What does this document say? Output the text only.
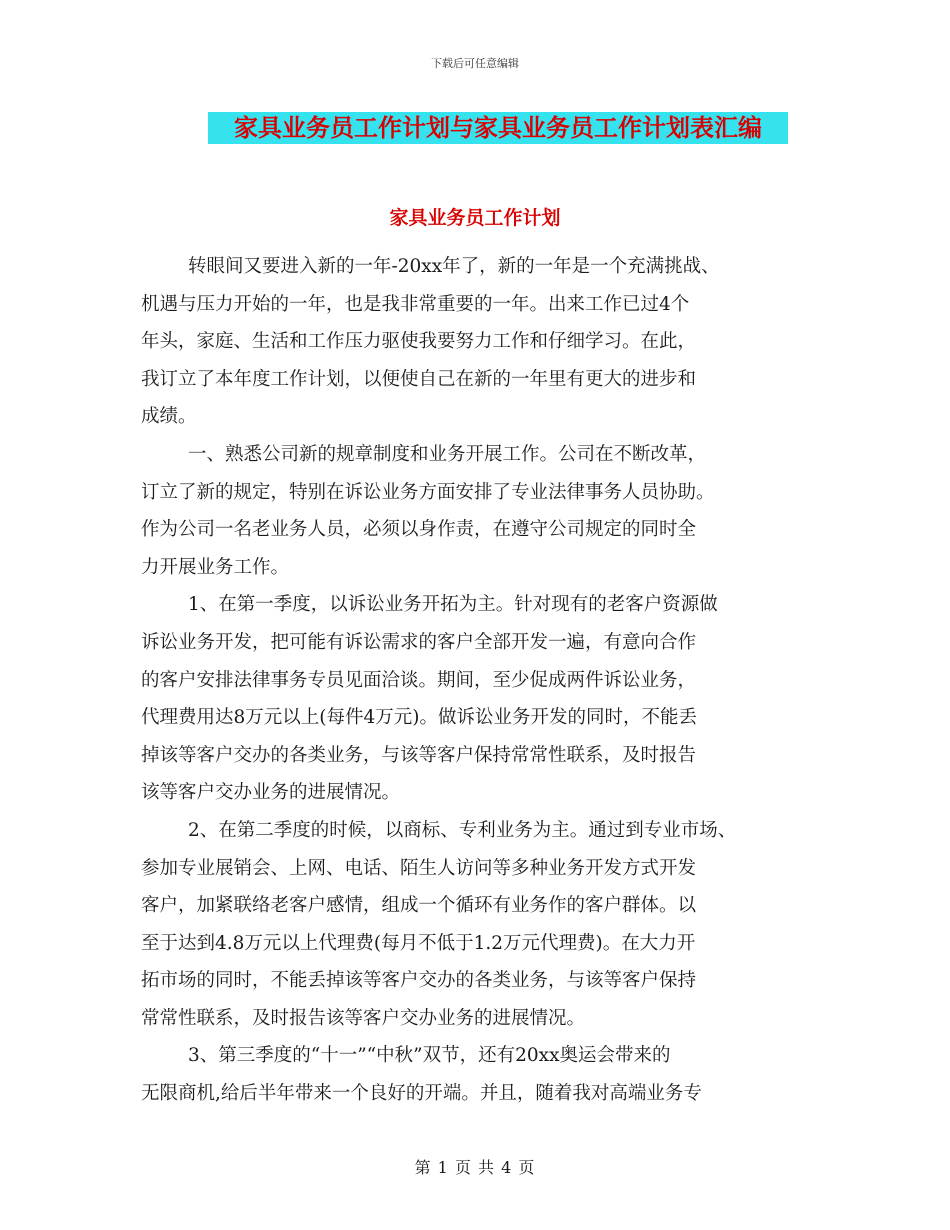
下载后可任意编辑
家具业务员工作计划与家具业务员工作计划表汇编
家具业务员工作计划
转眼间又要进入新的一年-20xx年了，新的一年是一个充满挑战、
机遇与压力开始的一年，也是我非常重要的一年。出来工作已过4个
年头，家庭、生活和工作压力驱使我要努力工作和仔细学习。在此，
我订立了本年度工作计划，以便使自己在新的一年里有更大的进步和
成绩。
一、熟悉公司新的规章制度和业务开展工作。公司在不断改革，
订立了新的规定，特别在诉讼业务方面安排了专业法律事务人员协助。
作为公司一名老业务人员，必须以身作责，在遵守公司规定的同时全
力开展业务工作。
1、在第一季度，以诉讼业务开拓为主。针对现有的老客户资源做
诉讼业务开发，把可能有诉讼需求的客户全部开发一遍，有意向合作
的客户安排法律事务专员见面洽谈。期间，至少促成两件诉讼业务，
代理费用达8万元以上(每件4万元)。做诉讼业务开发的同时，不能丢
掉该等客户交办的各类业务，与该等客户保持常常性联系，及时报告
该等客户交办业务的进展情况。
2、在第二季度的时候，以商标、专利业务为主。通过到专业市场、
参加专业展销会、上网、电话、陌生人访问等多种业务开发方式开发
客户，加紧联络老客户感情，组成一个循环有业务作的客户群体。以
至于达到4.8万元以上代理费(每月不低于1.2万元代理费)。在大力开
拓市场的同时，不能丢掉该等客户交办的各类业务，与该等客户保持
常常性联系，及时报告该等客户交办业务的进展情况。
3、第三季度的“十一”“中秋”双节，还有20xx奥运会带来的
无限商机,给后半年带来一个良好的开端。并且，随着我对高端业务专
第 1 页 共 4 页
